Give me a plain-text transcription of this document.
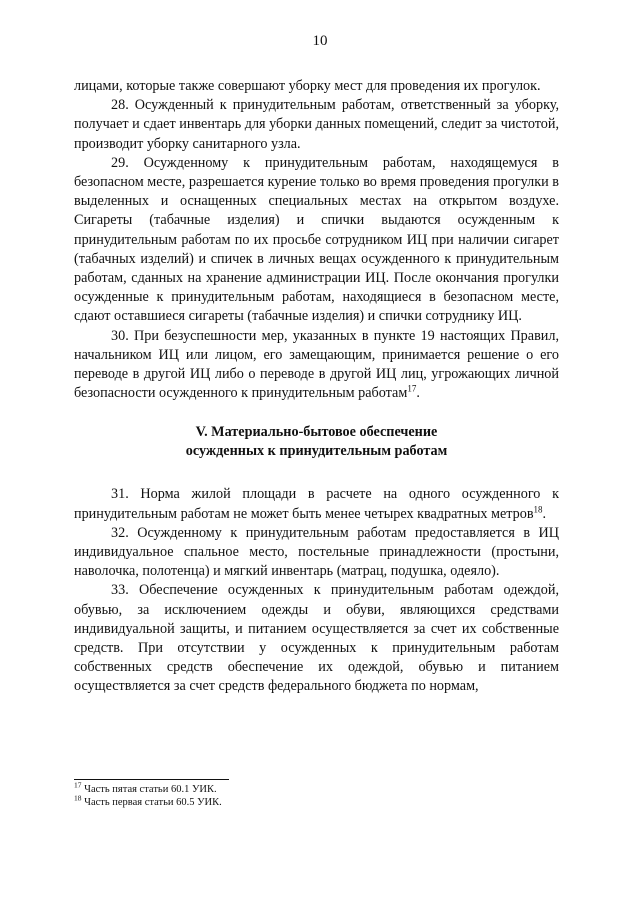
10

лицами, которые также совершают уборку мест для проведения их прогулок.

28. Осужденный к принудительным работам, ответственный за уборку, получает и сдает инвентарь для уборки данных помещений, следит за чистотой, производит уборку санитарного узла.

29. Осужденному к принудительным работам, находящемуся в безопасном месте, разрешается курение только во время проведения прогулки в выделенных и оснащенных специальных местах на открытом воздухе. Сигареты (табачные изделия) и спички выдаются осужденным к принудительным работам по их просьбе сотрудником ИЦ при наличии сигарет (табачных изделий) и спичек в личных вещах осужденного к принудительным работам, сданных на хранение администрации ИЦ. После окончания прогулки осужденные к принудительным работам, находящиеся в безопасном месте, сдают оставшиеся сигареты (табачные изделия) и спички сотруднику ИЦ.

30. При безуспешности мер, указанных в пункте 19 настоящих Правил, начальником ИЦ или лицом, его замещающим, принимается решение о его переводе в другой ИЦ либо о переводе в другой ИЦ лиц, угрожающих личной безопасности осужденного к принудительным работам$^{17}$.

V. Материально-бытовое обеспечение
осужденных к принудительным работам

31. Норма жилой площади в расчете на одного осужденного к принудительным работам не может быть менее четырех квадратных метров$^{18}$.

32. Осужденному к принудительным работам предоставляется в ИЦ индивидуальное спальное место, постельные принадлежности (простыни, наволочка, полотенца) и мягкий инвентарь (матрац, подушка, одеяло).

33. Обеспечение осужденных к принудительным работам одеждой, обувью, за исключением одежды и обуви, являющихся средствами индивидуальной защиты, и питанием осуществляется за счет их собственные средств. При отсутствии у осужденных к принудительным работам собственных средств обеспечение их одеждой, обувью и питанием осуществляется за счет средств федерального бюджета по нормам,

$^{17}$ Часть пятая статьи 60.1 УИК.
$^{18}$ Часть первая статьи 60.5 УИК.
